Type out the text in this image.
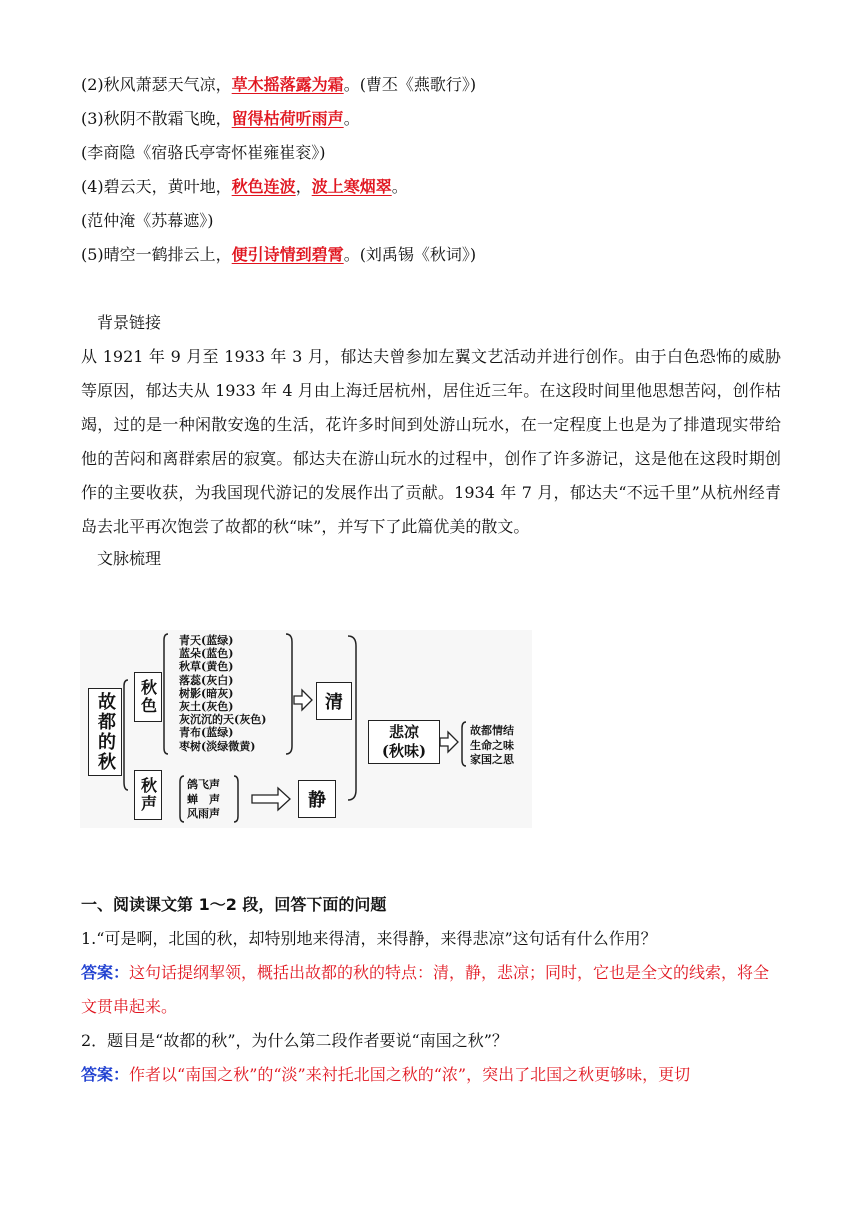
(2)秋风萧瑟天气凉，草木摇落露为霜。(曹丕《燕歌行》)
(3)秋阴不散霜飞晚，留得枯荷听雨声。
(李商隐《宿骆氏亭寄怀崔雍崔衮》)
(4)碧云天，黄叶地，秋色连波，波上寒烟翠。
(范仲淹《苏幕遮》)
(5)晴空一鹤排云上，便引诗情到碧霄。(刘禹锡《秋词》)
背景链接
从 1921 年 9 月至 1933 年 3 月，郁达夫曾参加左翼文艺活动并进行创作。由于白色恐怖的威胁等原因，郁达夫从 1933 年 4 月由上海迁居杭州，居住近三年。在这段时间里他思想苦闷，创作枯竭，过的是一种闲散安逸的生活，花许多时间到处游山玩水，在一定程度上也是为了排遣现实带给他的苦闷和离群索居的寂寞。郁达夫在游山玩水的过程中，创作了许多游记，这是他在这段时期创作的主要收获，为我国现代游记的发展作出了贡献。1934 年 7 月，郁达夫“不远千里”从杭州经青岛去北平再次饱尝了故都的秋“味”，并写下了此篇优美的散文。
文脉梳理
故都的秋	秋色
秋声
青天(蓝绿)
蓝朵(蓝色)
秋草(黄色)
落蕊(灰白)
树影(暗灰)
灰土(灰色)
灰沉沉的天(灰色)
青布(蓝绿)
枣树(淡绿微黄)
鸽飞声
蝉　声
风雨声
清
静
悲凉
(秋味)
故都情结
生命之味
家国之思
一、阅读课文第 1～2 段，回答下面的问题
1.“可是啊，北国的秋，却特别地来得清，来得静，来得悲凉”这句话有什么作用？
答案：这句话提纲挈领，概括出故都的秋的特点：清，静，悲凉；同时，它也是全文的线索，将全文贯串起来。
2．题目是“故都的秋”，为什么第二段作者要说“南国之秋”？
答案：作者以“南国之秋”的“淡”来衬托北国之秋的“浓”，突出了北国之秋更够味，更切
